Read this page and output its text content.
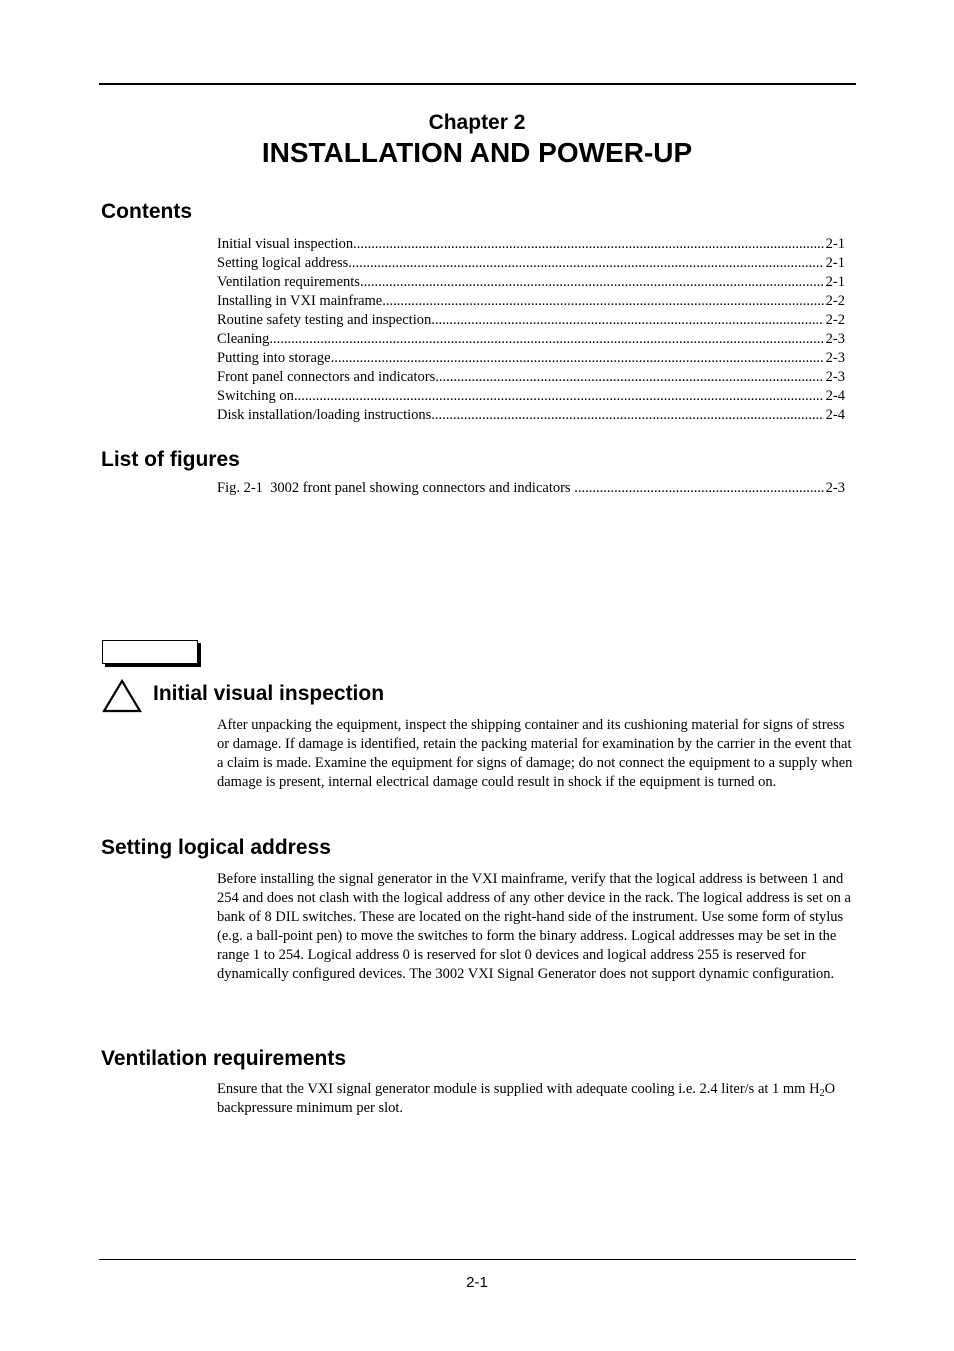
Chapter 2
INSTALLATION AND POWER-UP
Contents
Initial visual inspection .....	2-1
Setting logical address .....	2-1
Ventilation requirements .....	2-1
Installing in VXI mainframe .....	2-2
Routine safety testing and inspection .....	2-2
Cleaning .....	2-3
Putting into storage .....	2-3
Front panel connectors and indicators .....	2-3
Switching on .....	2-4
Disk installation/loading instructions .....	2-4
List of figures
Fig. 2-1  3002 front panel showing connectors and indicators .....	2-3
Initial visual inspection
After unpacking the equipment, inspect the shipping container and its cushioning material for signs of stress or damage. If damage is identified, retain the packing material for examination by the carrier in the event that a claim is made. Examine the equipment for signs of damage; do not connect the equipment to a supply when damage is present, internal electrical damage could result in shock if the equipment is turned on.
Setting logical address
Before installing the signal generator in the VXI mainframe, verify that the logical address is between 1 and 254 and does not clash with the logical address of any other device in the rack. The logical address is set on a bank of 8 DIL switches. These are located on the right-hand side of the instrument. Use some form of stylus (e.g. a ball-point pen) to move the switches to form the binary address. Logical addresses may be set in the range 1 to 254. Logical address 0 is reserved for slot 0 devices and logical address 255 is reserved for dynamically configured devices. The 3002 VXI Signal Generator does not support dynamic configuration.
Ventilation requirements
Ensure that the VXI signal generator module is supplied with adequate cooling i.e. 2.4 liter/s at 1 mm $H_2O$ backpressure minimum per slot.
2-1
